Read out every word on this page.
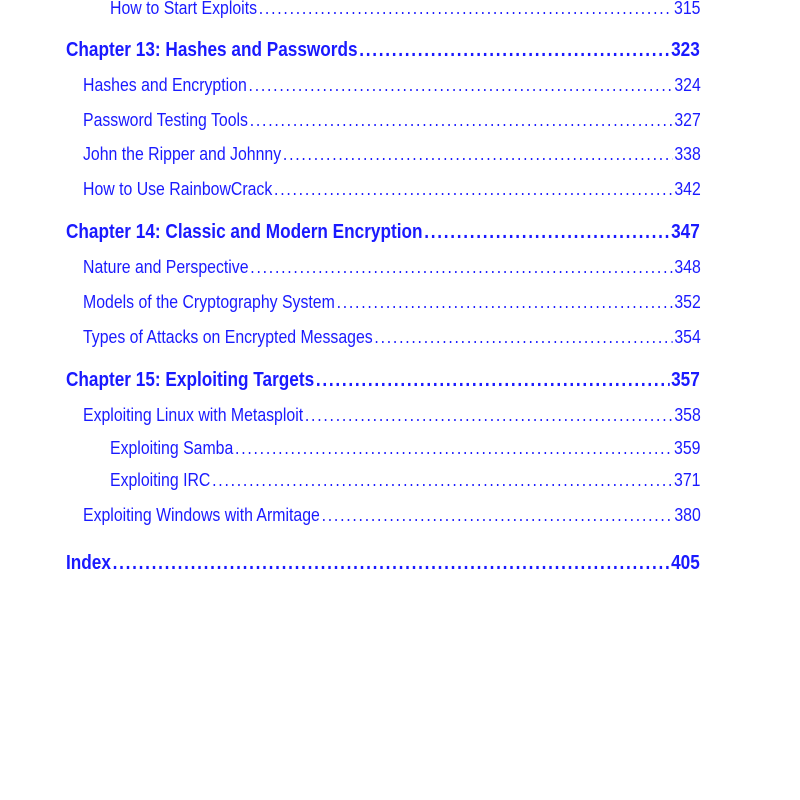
How to Start Exploits .....	315
Chapter 13: Hashes and Passwords .....	323
Hashes and Encryption .....	324
Password Testing Tools .....	327
John the Ripper and Johnny .....	338
How to Use RainbowCrack .....	342
Chapter 14: Classic and Modern Encryption .....	347
Nature and Perspective .....	348
Models of the Cryptography System .....	352
Types of Attacks on Encrypted Messages .....	354
Chapter 15: Exploiting Targets .....	357
Exploiting Linux with Metasploit .....	358
Exploiting Samba .....	359
Exploiting IRC .....	371
Exploiting Windows with Armitage .....	380
Index .....	405
